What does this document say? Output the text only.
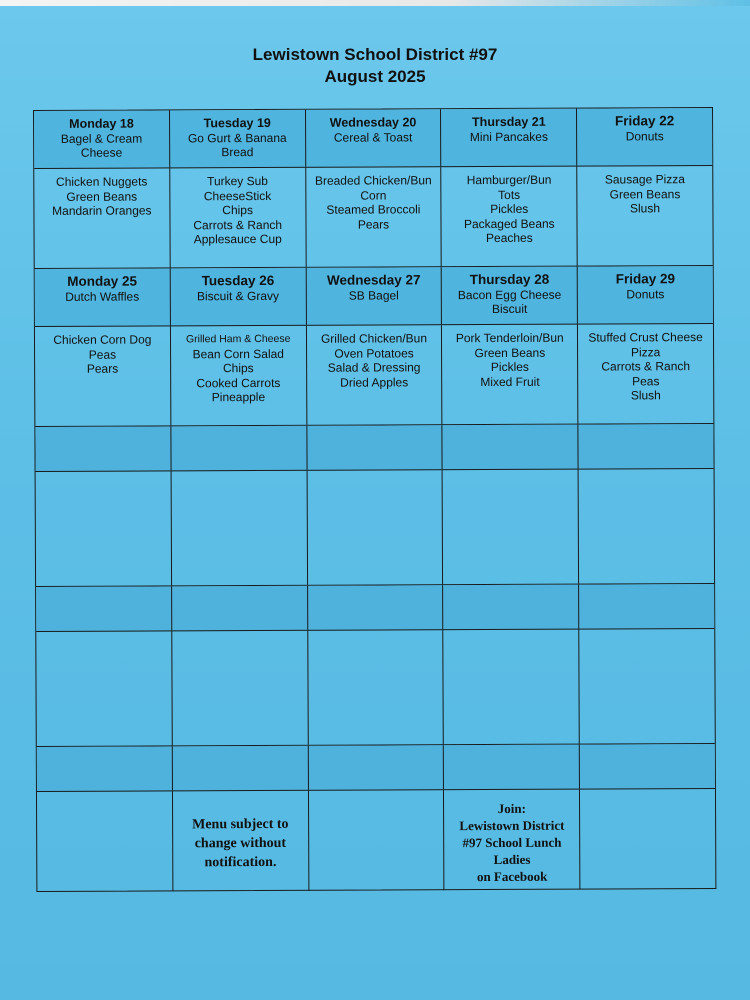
Lewistown School District #97
August 2025
Monday 18
Bagel & Cream
Cheese
Tuesday 19
Go Gurt & Banana
Bread
Wednesday 20
Cereal & Toast
Thursday 21
Mini Pancakes
Friday 22
Donuts
Chicken Nuggets
Green Beans
Mandarin Oranges
Turkey Sub
CheeseStick
Chips
Carrots & Ranch
Applesauce Cup
Breaded Chicken/Bun
Corn
Steamed Broccoli
Pears
Hamburger/Bun
Tots
Pickles
Packaged Beans
Peaches
Sausage Pizza
Green Beans
Slush
Monday 25
Dutch Waffles
Tuesday 26
Biscuit & Gravy
Wednesday 27
SB Bagel
Thursday 28
Bacon Egg Cheese
Biscuit
Friday 29
Donuts
Chicken Corn Dog
Peas
Pears
Grilled Ham & Cheese
Bean Corn Salad
Chips
Cooked Carrots
Pineapple
Grilled Chicken/Bun
Oven Potatoes
Salad & Dressing
Dried Apples
Pork Tenderloin/Bun
Green Beans
Pickles
Mixed Fruit
Stuffed Crust Cheese
Pizza
Carrots & Ranch
Peas
Slush
Menu subject to
change without
notification.
Join:
Lewistown District
#97 School Lunch
Ladies
on Facebook
